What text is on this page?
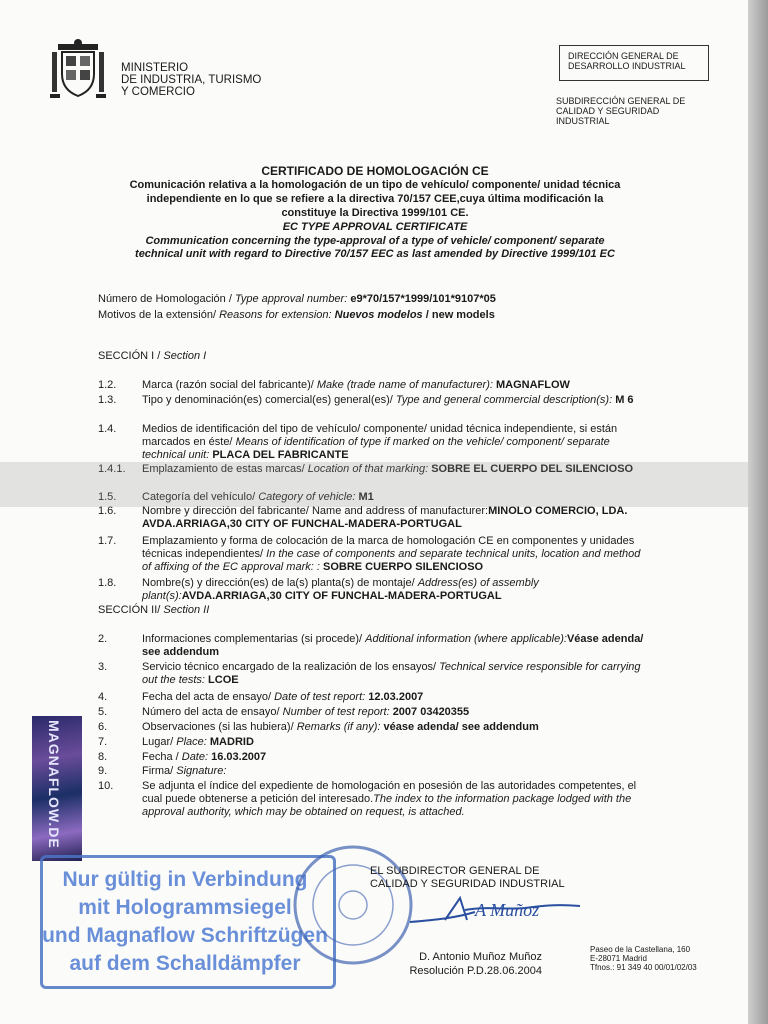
MINISTERIO
DE INDUSTRIA, TURISMO
Y COMERCIO
DIRECCIÓN GENERAL DE
DESARROLLO INDUSTRIAL
SUBDIRECCIÓN GENERAL DE
CALIDAD Y SEGURIDAD
INDUSTRIAL
CERTIFICADO DE HOMOLOGACIÓN CE
Comunicación relativa a la homologación de un tipo de vehículo/ componente/ unidad técnica
independiente en lo que se refiere a la directiva 70/157 CEE,cuya última modificación la
constituye la Directiva 1999/101 CE.
EC TYPE APPROVAL CERTIFICATE
Communication concerning the type-approval of a type of vehicle/ component/ separate
technical unit with regard to Directive 70/157 EEC as last amended by Directive 1999/101 EC
Número de Homologación / Type approval number: e9*70/157*1999/101*9107*05
Motivos de la extensión/ Reasons for extension: Nuevos modelos / new models
SECCIÓN I / Section I
1.2.	Marca (razón social del fabricante)/ Make (trade name of manufacturer): MAGNAFLOW
1.3.	Tipo y denominación(es) comercial(es) general(es)/ Type and general commercial description(s): M 6
1.4.	Medios de identificación del tipo de vehículo/ componente/ unidad técnica independiente, si están marcados en éste/ Means of identification of type if marked on the vehicle/ component/ separate technical unit: PLACA DEL FABRICANTE
1.4.1.	Emplazamiento de estas marcas/ Location of that marking: SOBRE EL CUERPO DEL SILENCIOSO
1.5.	Categoría del vehículo/ Category of vehicle: M1
1.6.	Nombre y dirección del fabricante/ Name and address of manufacturer:MINOLO COMERCIO, LDA. AVDA.ARRIAGA,30 CITY OF FUNCHAL-MADERA-PORTUGAL
1.7.	Emplazamiento y forma de colocación de la marca de homologación CE en componentes y unidades técnicas independientes/ In the case of components and separate technical units, location and method of affixing of the EC approval mark: : SOBRE CUERPO SILENCIOSO
1.8.	Nombre(s) y dirección(es) de la(s) planta(s) de montaje/ Address(es) of assembly plant(s):AVDA.ARRIAGA,30 CITY OF FUNCHAL-MADERA-PORTUGAL
SECCIÓN II/ Section II
2.	Informaciones complementarias (si procede)/ Additional information (where applicable):Véase adenda/ see addendum
3.	Servicio técnico encargado de la realización de los ensayos/ Technical service responsible for carrying out the tests: LCOE
4.	Fecha del acta de ensayo/ Date of test report: 12.03.2007
5.	Número del acta de ensayo/ Number of test report: 2007 03420355
6.	Observaciones (si las hubiera)/ Remarks (if any): véase adenda/ see addendum
7.	Lugar/ Place: MADRID
8.	Fecha / Date: 16.03.2007
9.	Firma/ Signature:
10.	Se adjunta el índice del expediente de homologación en posesión de las autoridades competentes, el cual puede obtenerse a petición del interesado.The index to the information package lodged with the approval authority, which may be obtained on request, is attached.
MAGNAFLOW.DE
Nur gültig in Verbindung
mit Hologrammsiegel
und Magnaflow Schriftzügen
auf dem Schalldämpfer
EL SUBDIRECTOR GENERAL DE
CALIDAD Y SEGURIDAD INDUSTRIAL
A Muñoz
D. Antonio Muñoz Muñoz
Resolución P.D.28.06.2004
Paseo de la Castellana, 160
E-28071 Madrid
Tfnos.: 91 349 40 00/01/02/03
